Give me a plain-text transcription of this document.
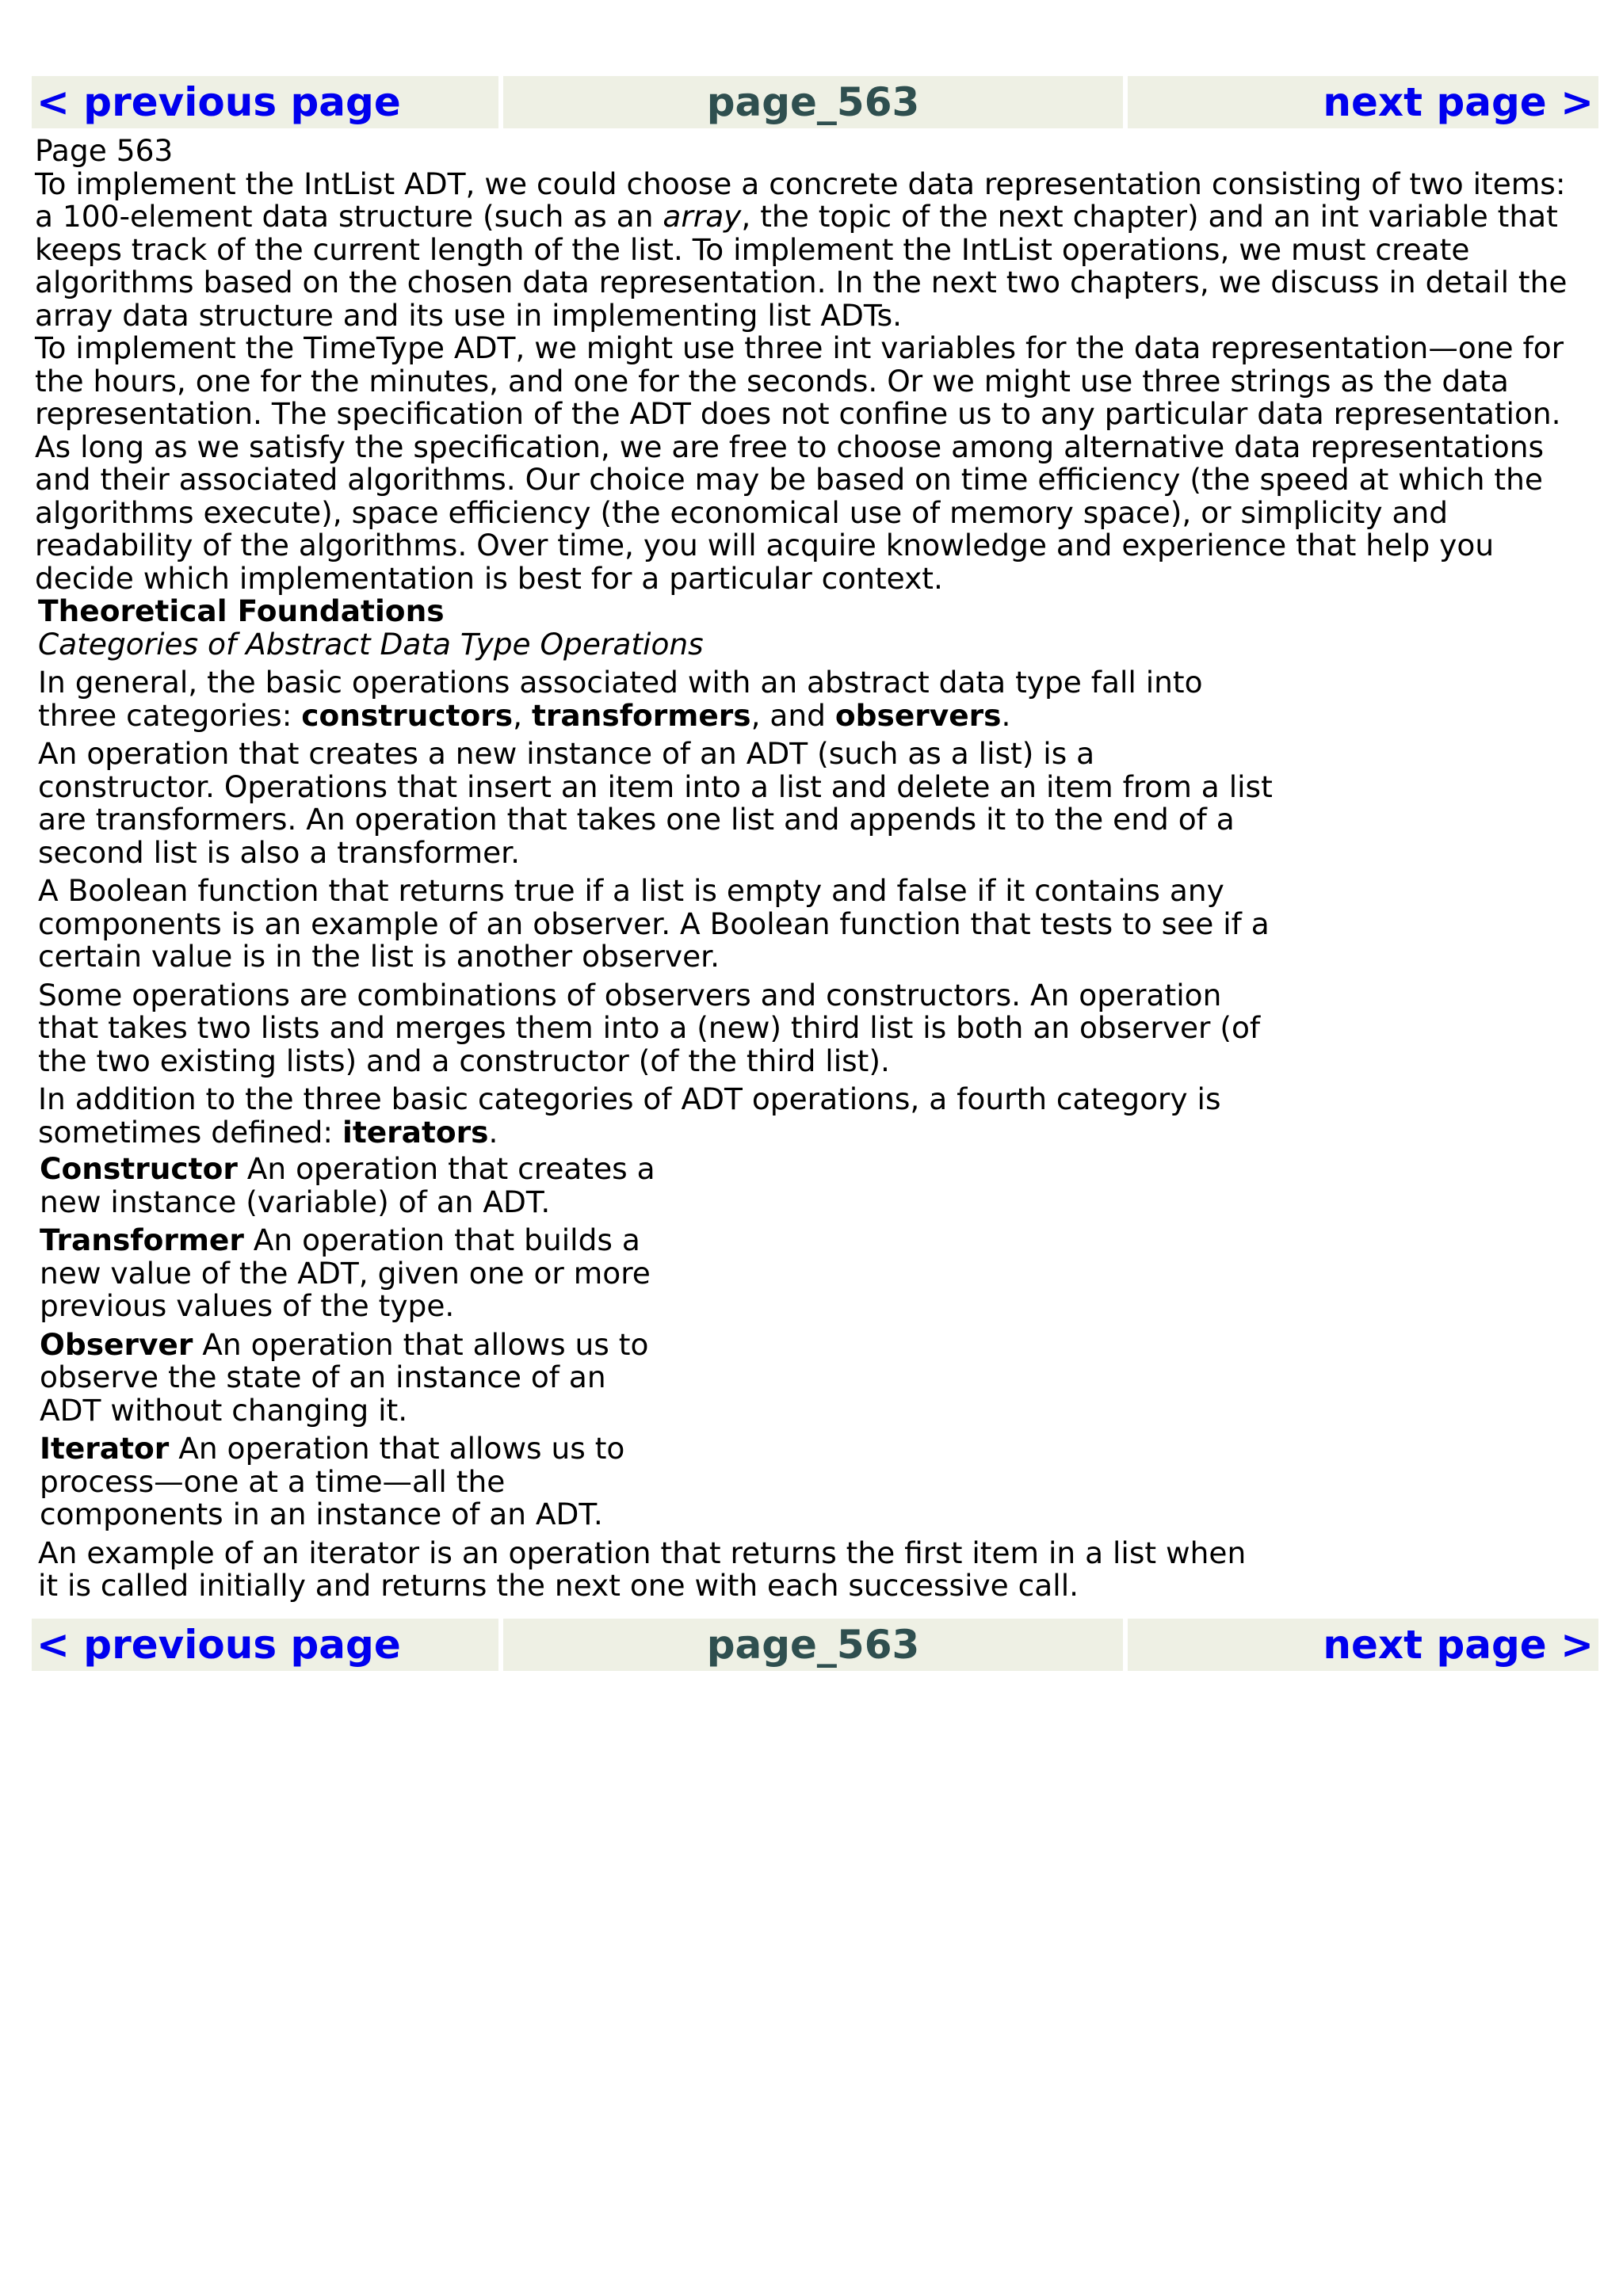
< previous page	page_563	next page >

Page 563

To implement the IntList ADT, we could choose a concrete data representation consisting of two items: a 100-element data structure (such as an array, the topic of the next chapter) and an int variable that keeps track of the current length of the list. To implement the IntList operations, we must create algorithms based on the chosen data representation. In the next two chapters, we discuss in detail the array data structure and its use in implementing list ADTs.

To implement the TimeType ADT, we might use three int variables for the data representation—one for the hours, one for the minutes, and one for the seconds. Or we might use three strings as the data representation. The specification of the ADT does not confine us to any particular data representation. As long as we satisfy the specification, we are free to choose among alternative data representations and their associated algorithms. Our choice may be based on time efficiency (the speed at which the algorithms execute), space efficiency (the economical use of memory space), or simplicity and readability of the algorithms. Over time, you will acquire knowledge and experience that help you decide which implementation is best for a particular context.

Theoretical Foundations

Categories of Abstract Data Type Operations

In general, the basic operations associated with an abstract data type fall into three categories: constructors, transformers, and observers.

An operation that creates a new instance of an ADT (such as a list) is a constructor. Operations that insert an item into a list and delete an item from a list are transformers. An operation that takes one list and appends it to the end of a second list is also a transformer.

A Boolean function that returns true if a list is empty and false if it contains any components is an example of an observer. A Boolean function that tests to see if a certain value is in the list is another observer.

Some operations are combinations of observers and constructors. An operation that takes two lists and merges them into a (new) third list is both an observer (of the two existing lists) and a constructor (of the third list).

In addition to the three basic categories of ADT operations, a fourth category is sometimes defined: iterators.

Constructor An operation that creates a new instance (variable) of an ADT.

Transformer An operation that builds a new value of the ADT, given one or more previous values of the type.

Observer An operation that allows us to observe the state of an instance of an ADT without changing it.

Iterator An operation that allows us to process—one at a time—all the components in an instance of an ADT.

An example of an iterator is an operation that returns the first item in a list when it is called initially and returns the next one with each successive call.

< previous page	page_563	next page >
